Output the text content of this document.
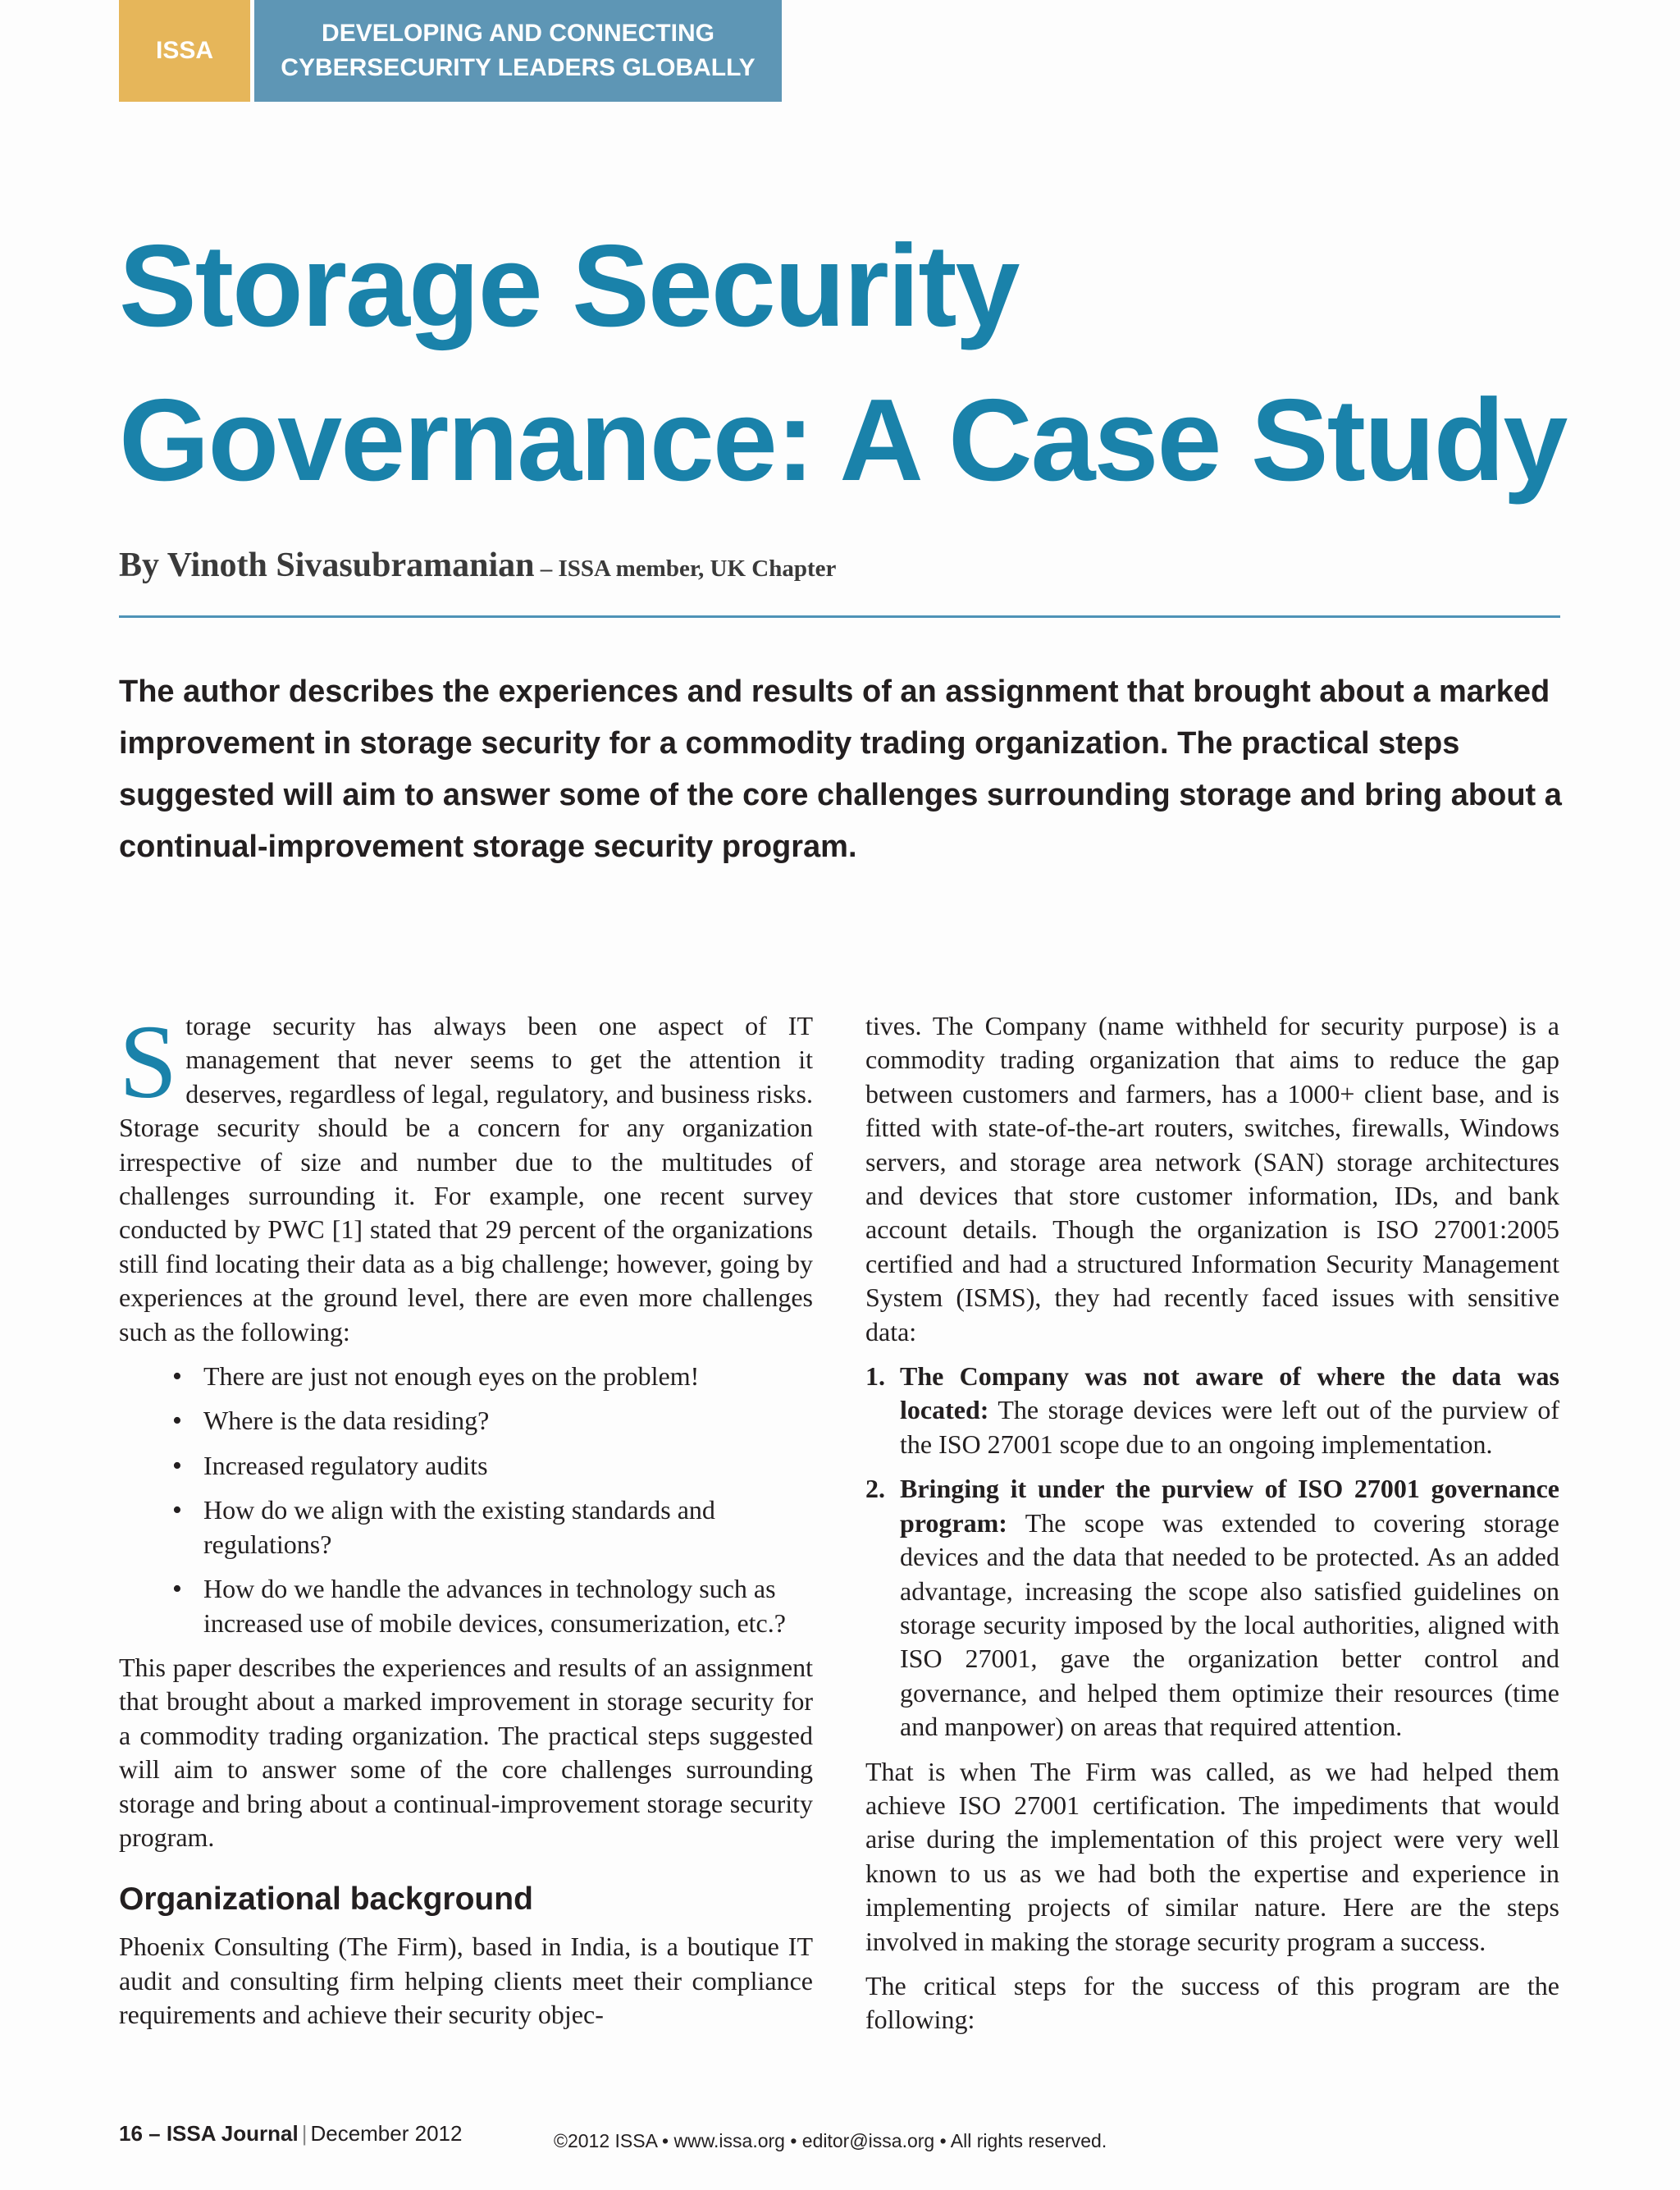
ISSA
DEVELOPING AND CONNECTING
CYBERSECURITY LEADERS GLOBALLY
Storage Security
Governance: A Case Study
By Vinoth Sivasubramanian – ISSA member, UK Chapter
The author describes the experiences and results of an assignment that brought about a marked improvement in storage security for a commodity trading organization. The practical steps suggested will aim to answer some of the core challenges surrounding storage and bring about a continual-improvement storage security program.

Storage security has always been one aspect of IT management that never seems to get the attention it deserves, regardless of legal, regulatory, and business risks. Storage security should be a concern for any organization irrespective of size and number due to the multitudes of challenges surrounding it. For example, one recent survey conducted by PWC [1] stated that 29 percent of the organizations still find locating their data as a big challenge; however, going by experiences at the ground level, there are even more challenges such as the following:

• There are just not enough eyes on the problem!
• Where is the data residing?
• Increased regulatory audits
• How do we align with the existing standards and regulations?
• How do we handle the advances in technology such as increased use of mobile devices, consumerization, etc.?

This paper describes the experiences and results of an assignment that brought about a marked improvement in storage security for a commodity trading organization. The practical steps suggested will aim to answer some of the core challenges surrounding storage and bring about a continual-improvement storage security program.

Organizational background

Phoenix Consulting (The Firm), based in India, is a boutique IT audit and consulting firm helping clients meet their compliance requirements and achieve their security objec-

tives. The Company (name withheld for security purpose) is a commodity trading organization that aims to reduce the gap between customers and farmers, has a 1000+ client base, and is fitted with state-of-the-art routers, switches, firewalls, Windows servers, and storage area network (SAN) storage architectures and devices that store customer information, IDs, and bank account details. Though the organization is ISO 27001:2005 certified and had a structured Information Security Management System (ISMS), they had recently faced issues with sensitive data:

1. The Company was not aware of where the data was located: The storage devices were left out of the purview of the ISO 27001 scope due to an ongoing implementation.
2. Bringing it under the purview of ISO 27001 governance program: The scope was extended to covering storage devices and the data that needed to be protected. As an added advantage, increasing the scope also satisfied guidelines on storage security imposed by the local authorities, aligned with ISO 27001, gave the organization better control and governance, and helped them optimize their resources (time and manpower) on areas that required attention.

That is when The Firm was called, as we had helped them achieve ISO 27001 certification. The impediments that would arise during the implementation of this project were very well known to us as we had both the expertise and experience in implementing projects of similar nature. Here are the steps involved in making the storage security program a success.

The critical steps for the success of this program are the following:

16 – ISSA Journal | December 2012	©2012 ISSA • www.issa.org • editor@issa.org • All rights reserved.
